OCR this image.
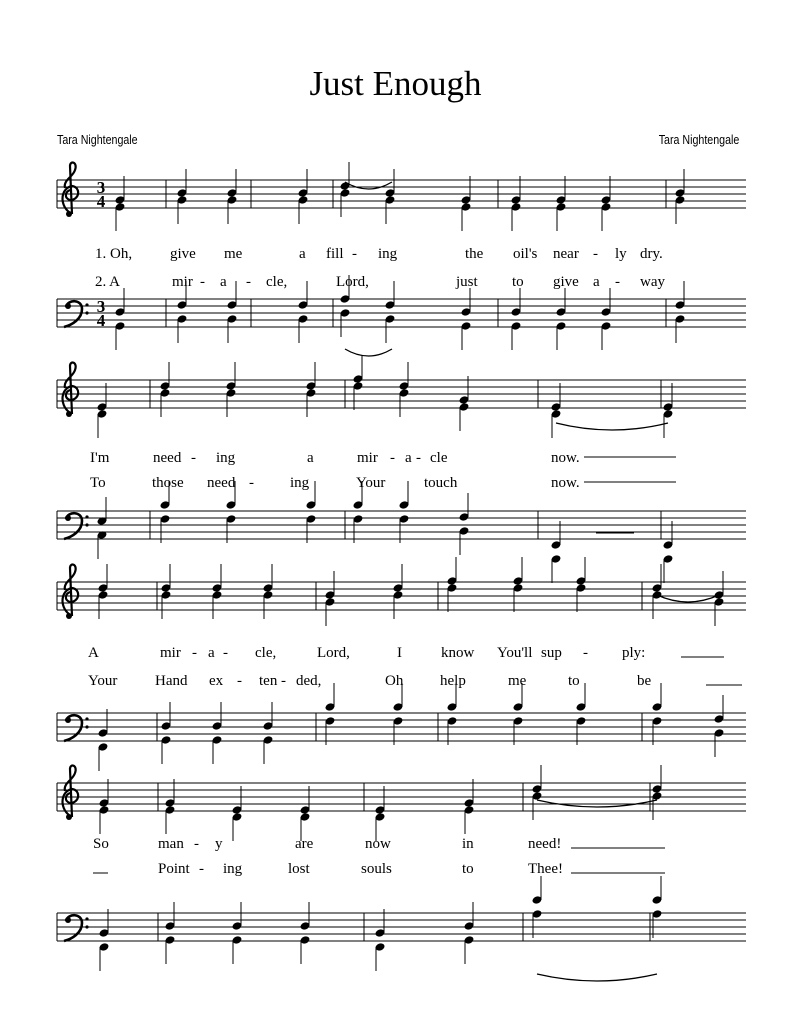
Just Enough
Tara Nightengale	Tara Nightengale
3
4
3
4
1. Oh,	give me	a fill - ing	the oil's near - ly dry.
2. A	mir - a - cle,	Lord,	just to give a - way
I'm	need - ing	a	mir - a - cle	now.
To	those need - ing	Your	touch	now.
A	mir - a - cle,	Lord,	I	know You'll sup - ply:
Your	Hand ex - ten - ded,	Oh help	me	to	be
So	man - y	are	now	in	need!
Point - ing	lost	souls	to	Thee!
